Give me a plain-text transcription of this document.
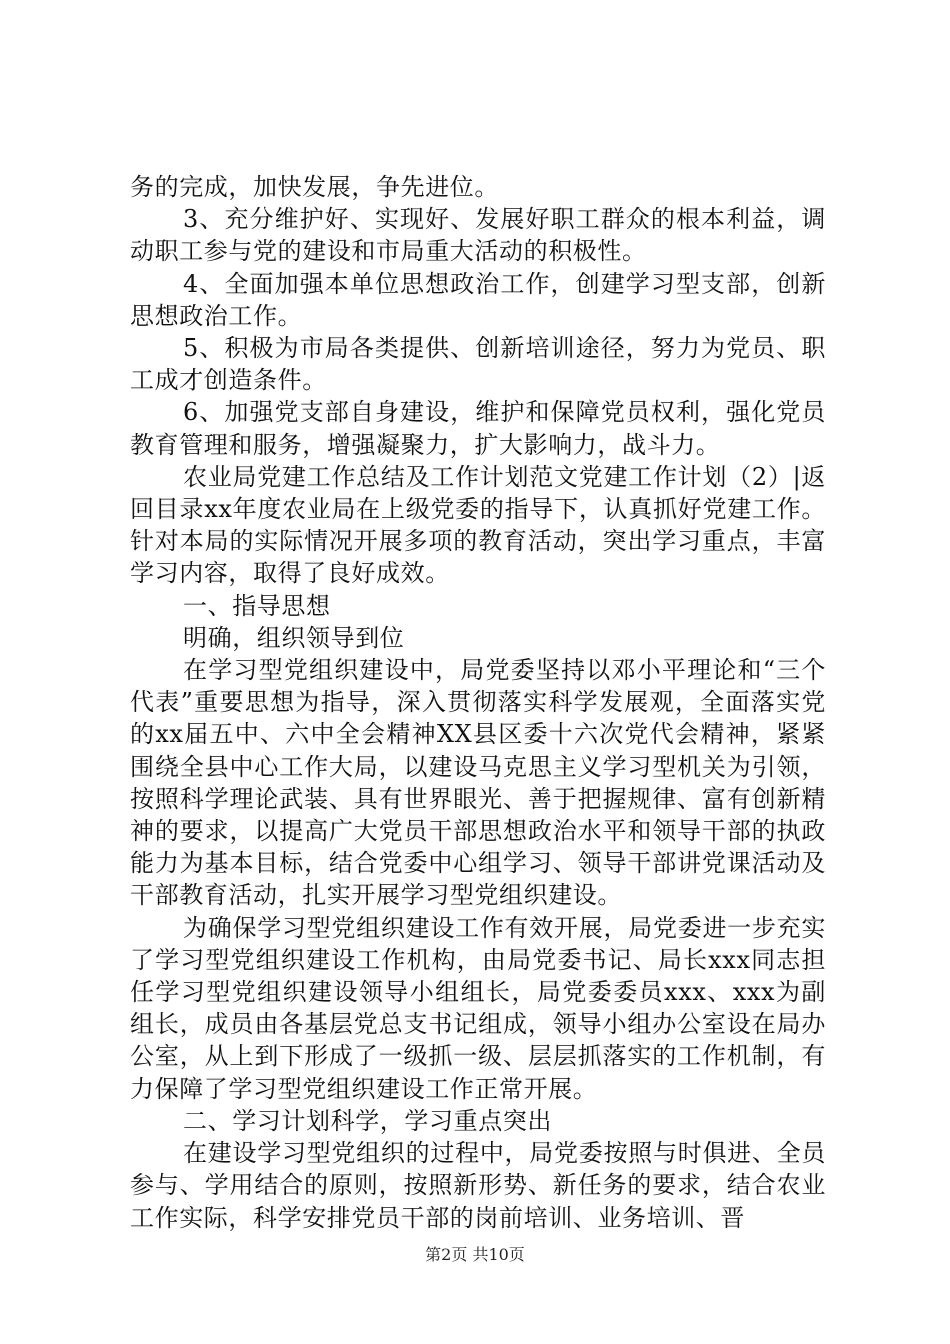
务的完成，加快发展，争先进位。

3、充分维护好、实现好、发展好职工群众的根本利益，调动职工参与党的建设和市局重大活动的积极性。

4、全面加强本单位思想政治工作，创建学习型支部，创新思想政治工作。

5、积极为市局各类提供、创新培训途径，努力为党员、职工成才创造条件。

6、加强党支部自身建设，维护和保障党员权利，强化党员教育管理和服务，增强凝聚力，扩大影响力，战斗力。

农业局党建工作总结及工作计划范文党建工作计划（2）|返回目录xx年度农业局在上级党委的指导下，认真抓好党建工作。针对本局的实际情况开展多项的教育活动，突出学习重点，丰富学习内容，取得了良好成效。

一、指导思想

明确，组织领导到位

在学习型党组织建设中，局党委坚持以邓小平理论和“三个代表”重要思想为指导，深入贯彻落实科学发展观，全面落实党的xx届五中、六中全会精神XX县区委十六次党代会精神，紧紧围绕全县中心工作大局，以建设马克思主义学习型机关为引领，按照科学理论武装、具有世界眼光、善于把握规律、富有创新精神的要求，以提高广大党员干部思想政治水平和领导干部的执政能力为基本目标，结合党委中心组学习、领导干部讲党课活动及干部教育活动，扎实开展学习型党组织建设。

为确保学习型党组织建设工作有效开展，局党委进一步充实了学习型党组织建设工作机构，由局党委书记、局长xxx同志担任学习型党组织建设领导小组组长，局党委委员xxx、xxx为副组长，成员由各基层党总支书记组成，领导小组办公室设在局办公室，从上到下形成了一级抓一级、层层抓落实的工作机制，有力保障了学习型党组织建设工作正常开展。

二、学习计划科学，学习重点突出

在建设学习型党组织的过程中，局党委按照与时俱进、全员参与、学用结合的原则，按照新形势、新任务的要求，结合农业工作实际，科学安排党员干部的岗前培训、业务培训、晋

第2页 共10页
